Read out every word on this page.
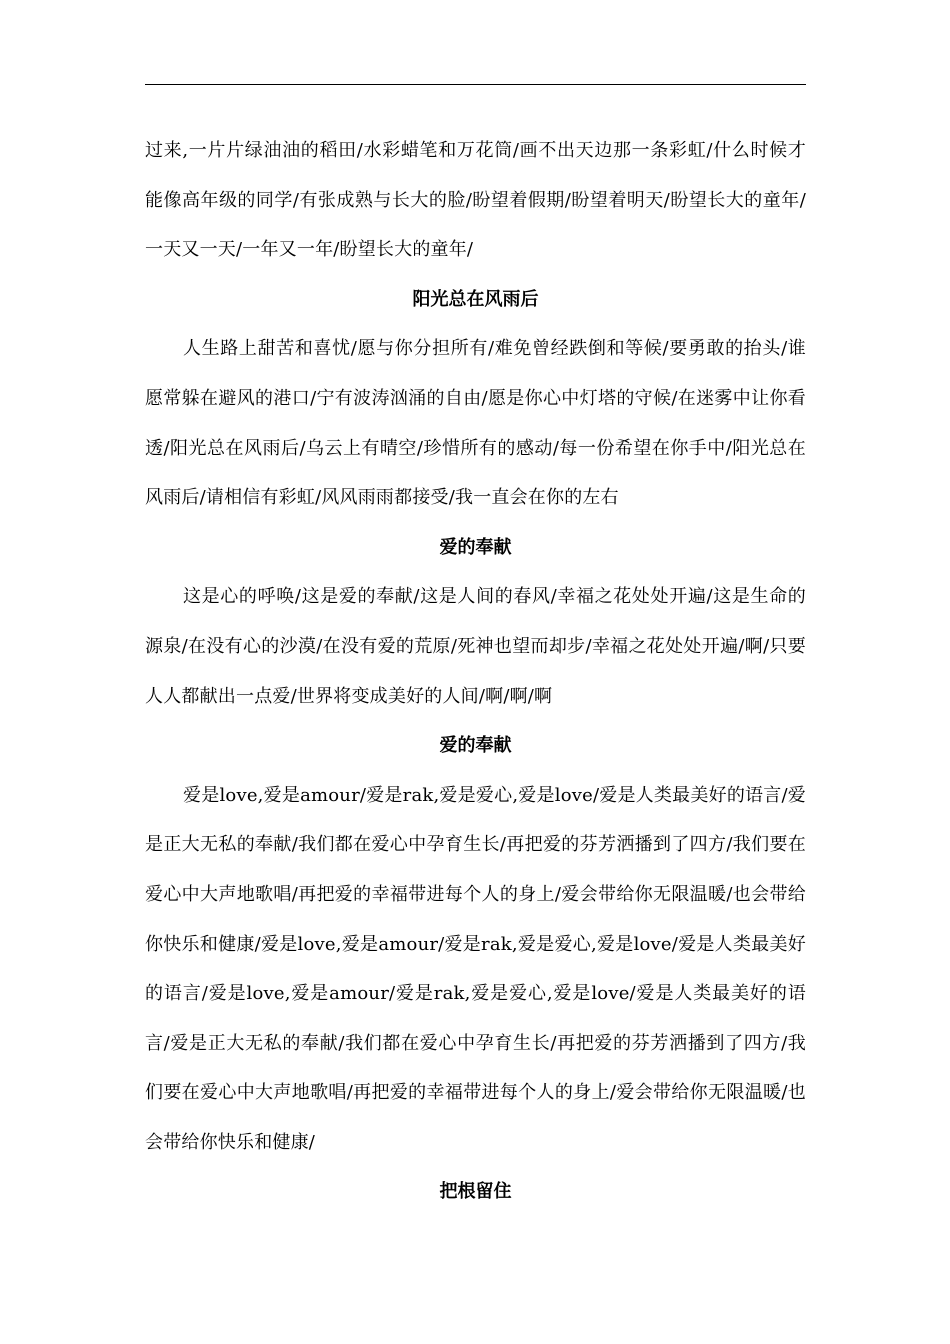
过来,一片片绿油油的稻田/水彩蜡笔和万花筒/画不出天边那一条彩虹/什么时候才能像高年级的同学/有张成熟与长大的脸/盼望着假期/盼望着明天/盼望长大的童年/一天又一天/一年又一年/盼望长大的童年/

阳光总在风雨后

人生路上甜苦和喜忧/愿与你分担所有/难免曾经跌倒和等候/要勇敢的抬头/谁愿常躲在避风的港口/宁有波涛汹涌的自由/愿是你心中灯塔的守候/在迷雾中让你看透/阳光总在风雨后/乌云上有晴空/珍惜所有的感动/每一份希望在你手中/阳光总在风雨后/请相信有彩虹/风风雨雨都接受/我一直会在你的左右

爱的奉献

这是心的呼唤/这是爱的奉献/这是人间的春风/幸福之花处处开遍/这是生命的源泉/在没有心的沙漠/在没有爱的荒原/死神也望而却步/幸福之花处处开遍/啊/只要人人都献出一点爱/世界将变成美好的人间/啊/啊/啊

爱的奉献

爱是love,爱是amour/爱是rak,爱是爱心,爱是love/爱是人类最美好的语言/爱是正大无私的奉献/我们都在爱心中孕育生长/再把爱的芬芳洒播到了四方/我们要在爱心中大声地歌唱/再把爱的幸福带进每个人的身上/爱会带给你无限温暖/也会带给你快乐和健康/爱是love,爱是amour/爱是rak,爱是爱心,爱是love/爱是人类最美好的语言/爱是love,爱是amour/爱是rak,爱是爱心,爱是love/爱是人类最美好的语言/爱是正大无私的奉献/我们都在爱心中孕育生长/再把爱的芬芳洒播到了四方/我们要在爱心中大声地歌唱/再把爱的幸福带进每个人的身上/爱会带给你无限温暖/也会带给你快乐和健康/

把根留住
